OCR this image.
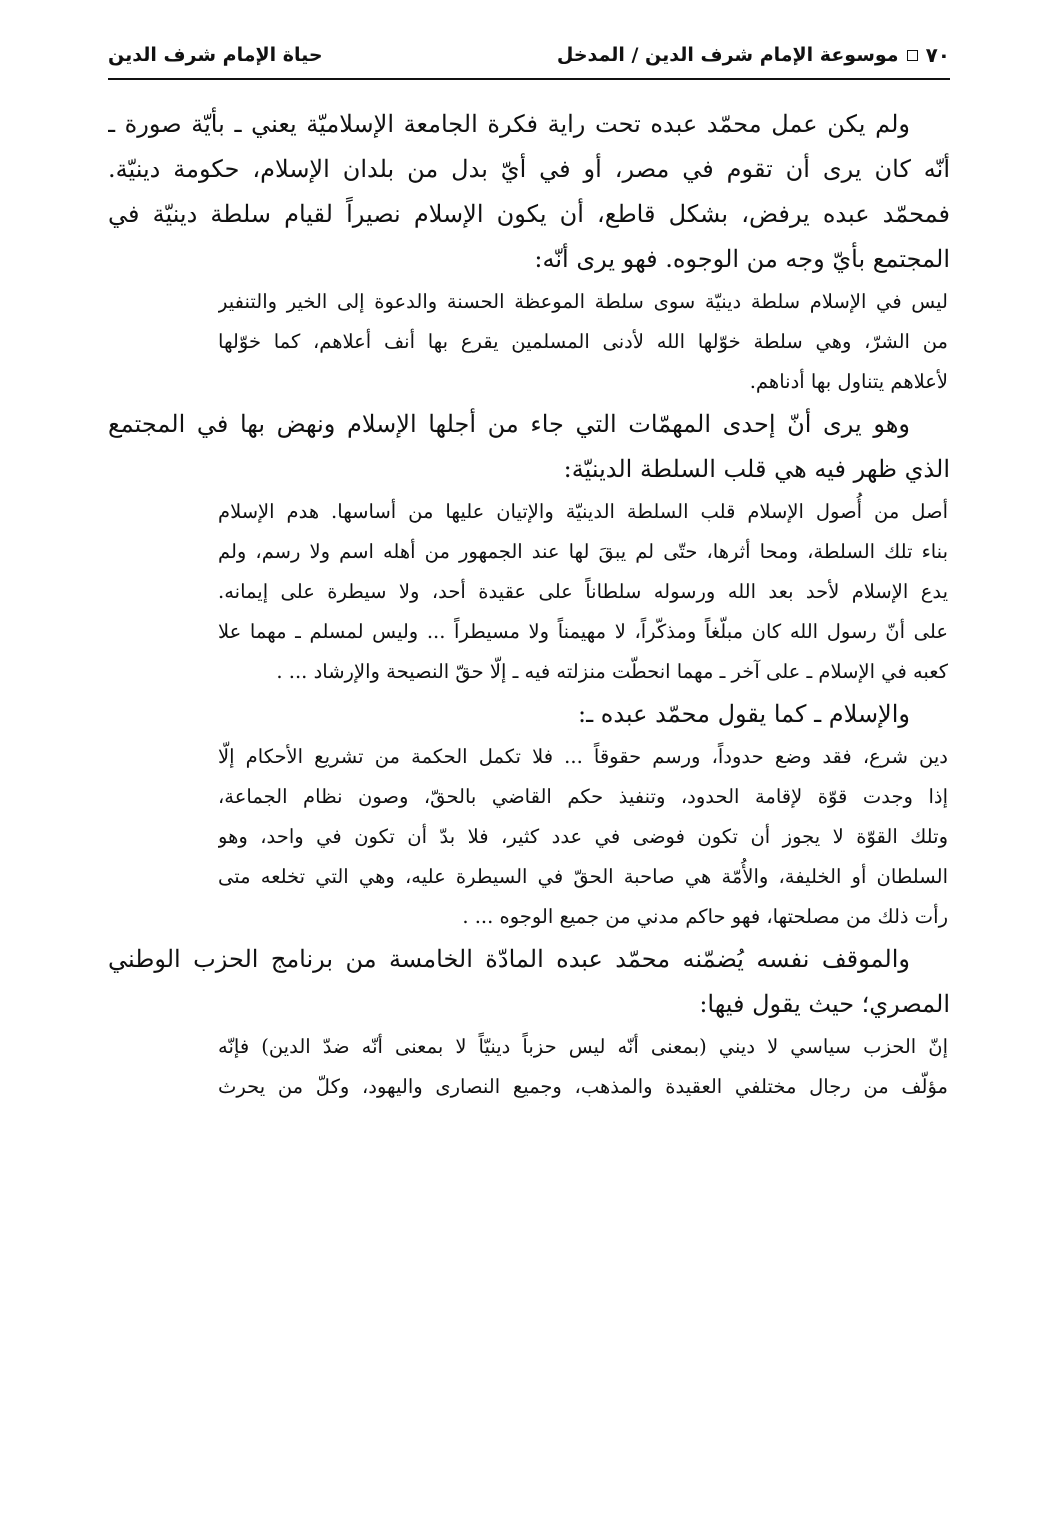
٧٠
موسوعة الإمام شرف الدين / المدخل
حياة الإمام شرف الدين
ولم يكن عمل محمّد عبده تحت راية فكرة الجامعة الإسلاميّة يعني ـ بأيّة صورة ـ
أنّه كان يرى أن تقوم في مصر، أو في أيّ بدل من بلدان الإسلام، حكومة دينيّة.
فمحمّد عبده يرفض، بشكل قاطع، أن يكون الإسلام نصيراً لقيام سلطة دينيّة في
المجتمع بأيّ وجه من الوجوه. فهو يرى أنّه:
ليس في الإسلام سلطة دينيّة سوى سلطة الموعظة الحسنة والدعوة إلى الخير والتنفير
من الشرّ، وهي سلطة خوّلها الله لأدنى المسلمين يقرع بها أنف أعلاهم، كما خوّلها
لأعلاهم يتناول بها أدناهم.
وهو يرى أنّ إحدى المهمّات التي جاء من أجلها الإسلام ونهض بها في المجتمع
الذي ظهر فيه هي قلب السلطة الدينيّة:
أصل من أُصول الإسلام قلب السلطة الدينيّة والإتيان عليها من أساسها. هدم الإسلام
بناء تلك السلطة، ومحا أثرها، حتّى لم يبقَ لها عند الجمهور من أهله اسم ولا رسم، ولم
يدع الإسلام لأحد بعد الله ورسوله سلطاناً على عقيدة أحد، ولا سيطرة على إيمانه.
على أنّ رسول الله كان مبلّغاً ومذكّراً، لا مهيمناً ولا مسيطراً ... وليس لمسلم ـ مهما علا
كعبه في الإسلام ـ على آخر ـ مهما انحطّت منزلته فيه ـ إلّا حقّ النصيحة والإرشاد ... .
والإسلام ـ كما يقول محمّد عبده ـ:
دين شرع، فقد وضع حدوداً، ورسم حقوقاً ... فلا تكمل الحكمة من تشريع الأحكام إلّا
إذا وجدت قوّة لإقامة الحدود، وتنفيذ حكم القاضي بالحقّ، وصون نظام الجماعة،
وتلك القوّة لا يجوز أن تكون فوضى في عدد كثير، فلا بدّ أن تكون في واحد، وهو
السلطان أو الخليفة، والأُمّة هي صاحبة الحقّ في السيطرة عليه، وهي التي تخلعه متى
رأت ذلك من مصلحتها، فهو حاكم مدني من جميع الوجوه ... .
والموقف نفسه يُضمّنه محمّد عبده المادّة الخامسة من برنامج الحزب الوطني
المصري؛ حيث يقول فيها:
إنّ الحزب سياسي لا ديني (بمعنى أنّه ليس حزباً دينيّاً لا بمعنى أنّه ضدّ الدين) فإنّه
مؤلّف من رجال مختلفي العقيدة والمذهب، وجميع النصارى واليهود، وكلّ من يحرث
